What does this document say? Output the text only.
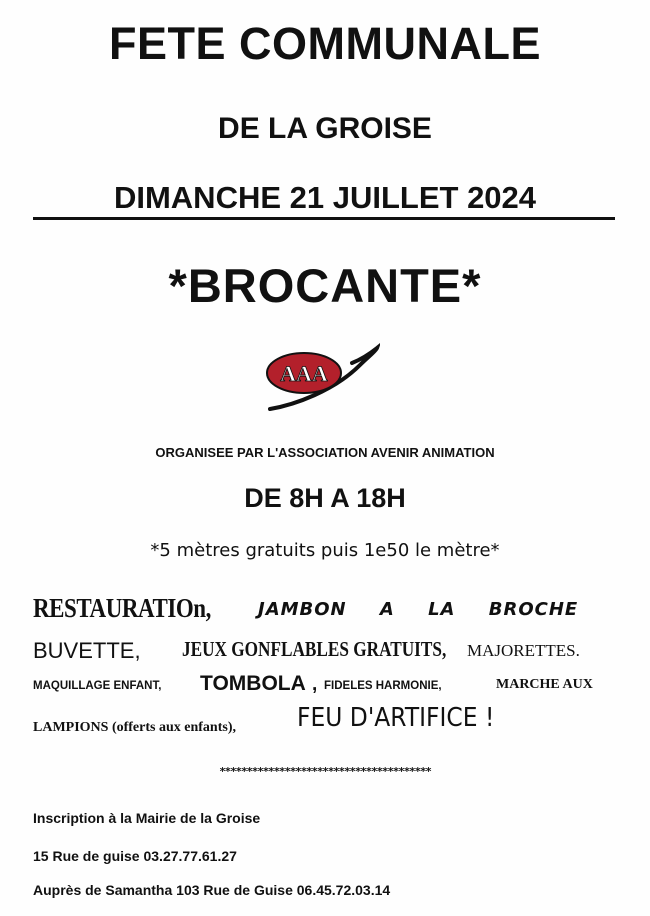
FETE COMMUNALE
DE LA GROISE
DIMANCHE 21 JUILLET 2024
*BROCANTE*
AAA
ORGANISEE PAR L'ASSOCIATION AVENIR ANIMATION
DE 8H A 18H
*5 mètres gratuits puis 1e50 le mètre*
RESTAURATIOn,	JAMBON A LA BROCHE
BUVETTE, JEUX GONFLABLES GRATUITS, MAJORETTES.
MAQUILLAGE ENFANT, TOMBOLA , FIDELES HARMONIE,	MARCHE AUX
LAMPIONS (offerts aux enfants), FEU D'ARTIFICE !
***************************************
Inscription à la Mairie de la Groise
15 Rue de guise 03.27.77.61.27
Auprès de Samantha 103 Rue de Guise 06.45.72.03.14
